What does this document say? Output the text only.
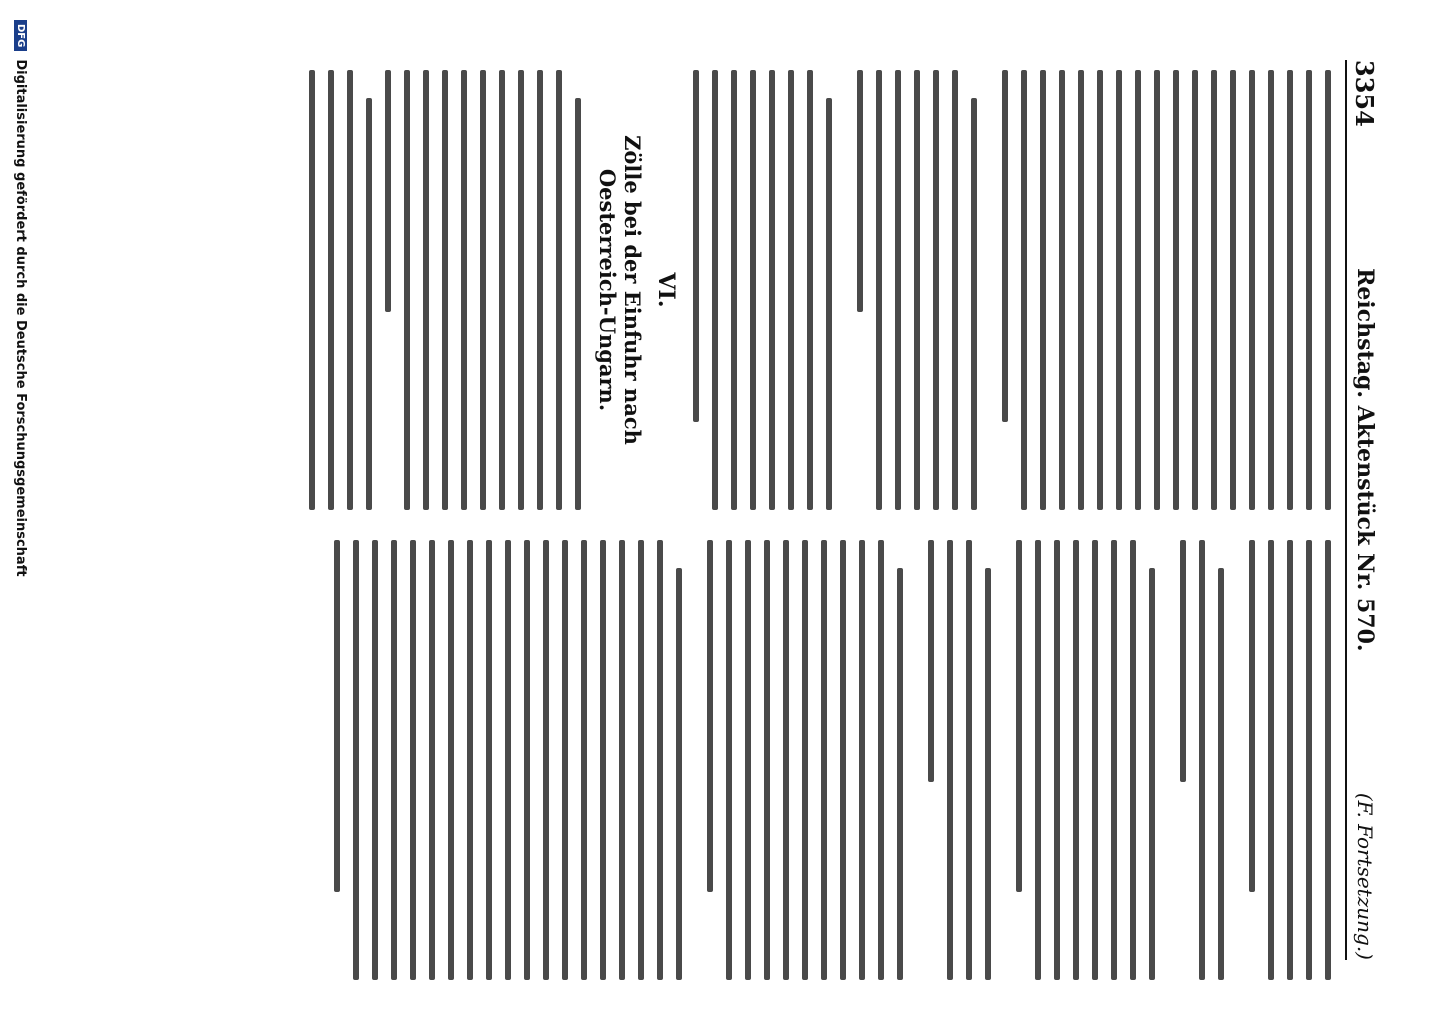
3354
Reichstag. Aktenstück Nr. 570.
(F. Fortsetzung.)
VI.
Zölle bei der Einfuhr nach Oesterreich-Ungarn.
DFG
Digitalisierung gefördert durch die Deutsche Forschungsgemeinschaft
